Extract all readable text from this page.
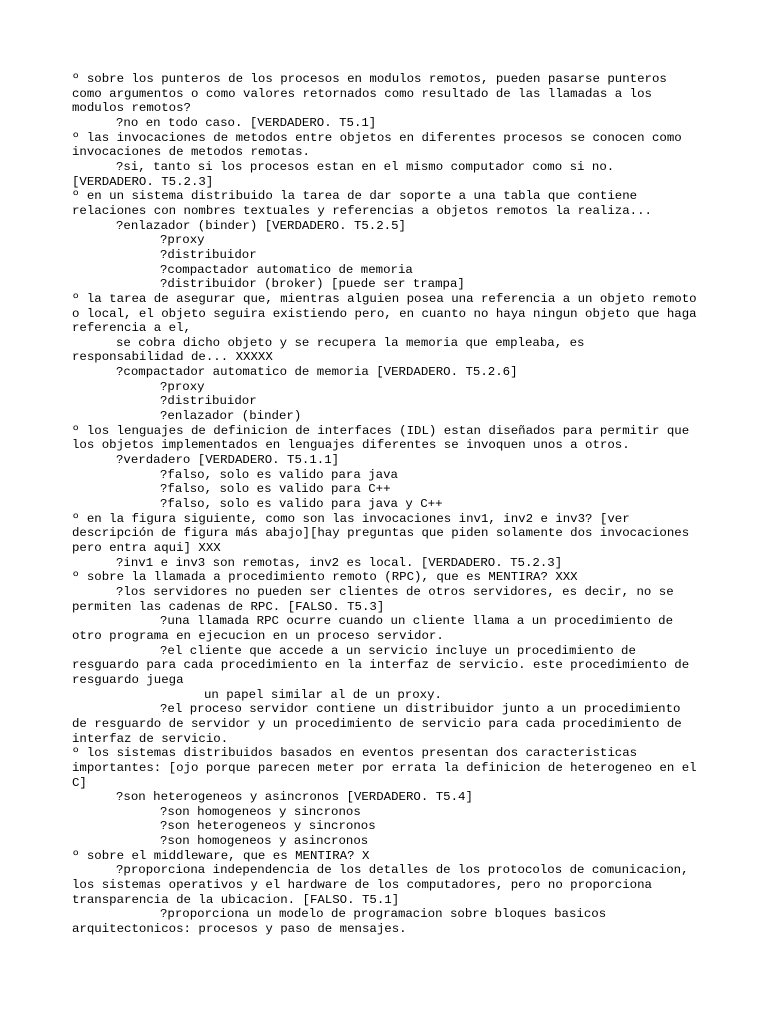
º sobre los punteros de los procesos en modulos remotos, pueden pasarse punteros como argumentos o como valores retornados como resultado de las llamadas a los modulos remotos?

?no en todo caso. [VERDADERO. T5.1]

º las invocaciones de metodos entre objetos en diferentes procesos se conocen como invocaciones de metodos remotas.

?si, tanto si los procesos estan en el mismo computador como si no.

[VERDADERO. T5.2.3]

º en un sistema distribuido la tarea de dar soporte a una tabla que contiene relaciones con nombres textuales y referencias a objetos remotos la realiza...

?enlazador (binder) [VERDADERO. T5.2.5]

?proxy

?distribuidor

?compactador automatico de memoria

?distribuidor (broker) [puede ser trampa]

º la tarea de asegurar que, mientras alguien posea una referencia a un objeto remoto o local, el objeto seguira existiendo pero, en cuanto no haya ningun objeto que haga referencia a el,

se cobra dicho objeto y se recupera la memoria que empleaba, es

responsabilidad de... XXXXX

?compactador automatico de memoria [VERDADERO. T5.2.6]

?proxy

?distribuidor

?enlazador (binder)

º los lenguajes de definicion de interfaces (IDL) estan diseñados para permitir que los objetos implementados en lenguajes diferentes se invoquen unos a otros.

?verdadero [VERDADERO. T5.1.1]

?falso, solo es valido para java

?falso, solo es valido para C++

?falso, solo es valido para java y C++

º en la figura siguiente, como son las invocaciones inv1, inv2 e inv3? [ver descripción de figura más abajo][hay preguntas que piden solamente dos invocaciones pero entra aqui] XXX

?inv1 e inv3 son remotas, inv2 es local. [VERDADERO. T5.2.3]

º sobre la llamada a procedimiento remoto (RPC), que es MENTIRA? XXX

?los servidores no pueden ser clientes de otros servidores, es decir, no se

permiten las cadenas de RPC. [FALSO. T5.3]

?una llamada RPC ocurre cuando un cliente llama a un procedimiento de

otro programa en ejecucion en un proceso servidor.

?el cliente que accede a un servicio incluye un procedimiento de

resguardo para cada procedimiento en la interfaz de servicio. este procedimiento de resguardo juega

un papel similar al de un proxy.

?el proceso servidor contiene un distribuidor junto a un procedimiento

de resguardo de servidor y un procedimiento de servicio para cada procedimiento de interfaz de servicio.

º los sistemas distribuidos basados en eventos presentan dos caracteristicas importantes: [ojo porque parecen meter por errata la definicion de heterogeneo en el C]

?son heterogeneos y asincronos [VERDADERO. T5.4]

?son homogeneos y sincronos

?son heterogeneos y sincronos

?son homogeneos y asincronos

º sobre el middleware, que es MENTIRA? X

?proporciona independencia de los detalles de los protocolos de comunicacion,

los sistemas operativos y el hardware de los computadores, pero no proporciona transparencia de la ubicacion. [FALSO. T5.1]

?proporciona un modelo de programacion sobre bloques basicos

arquitectonicos: procesos y paso de mensajes.
